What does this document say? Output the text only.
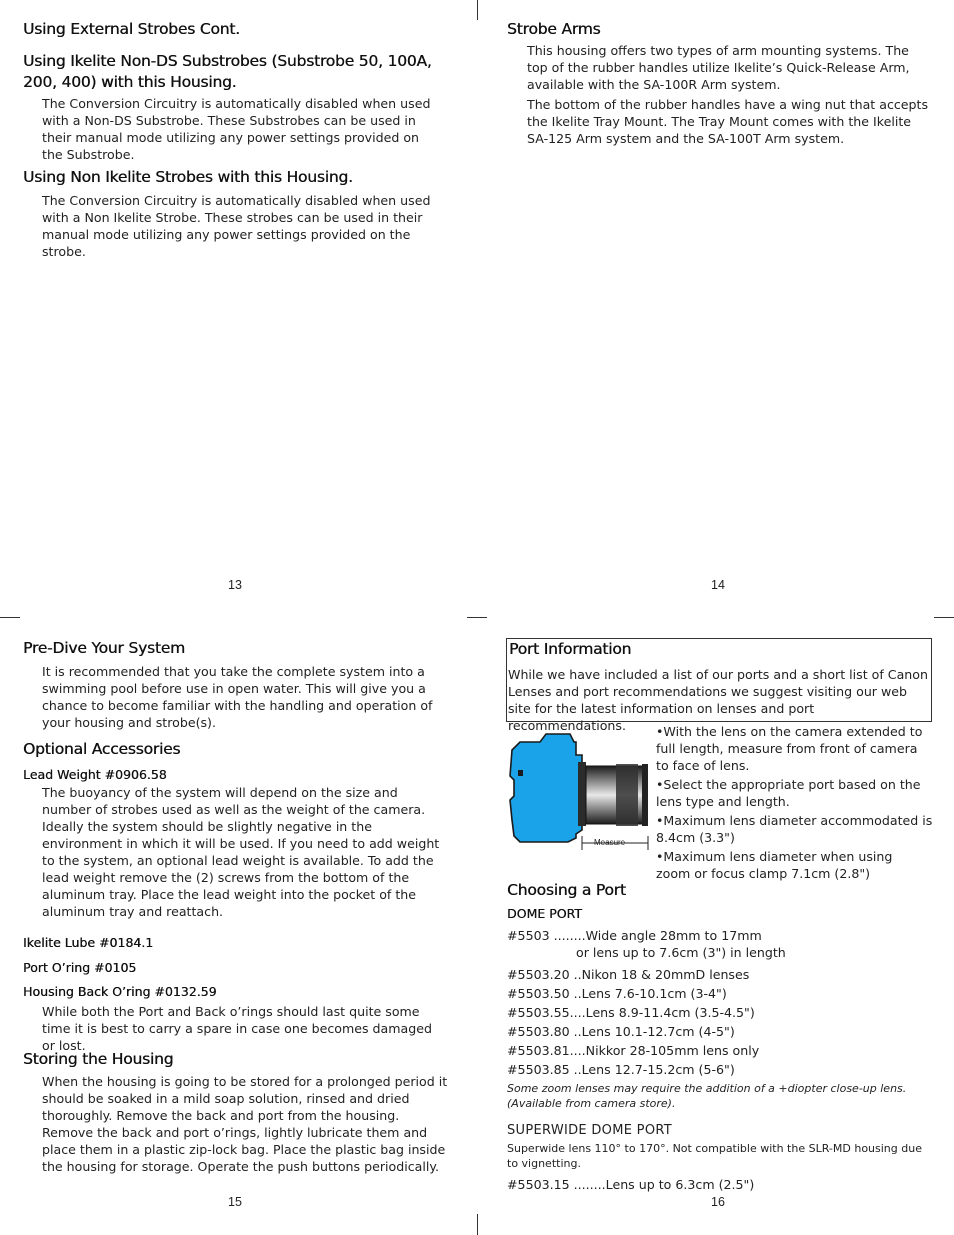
Using External Strobes Cont.
Using Ikelite Non-DS Substrobes (Substrobe 50, 100A, 200, 400) with this Housing.

The Conversion Circuitry is automatically disabled when used with a Non-DS Substrobe. These Substrobes can be used in their manual mode utilizing any power settings provided on the Substrobe.

Using Non Ikelite Strobes with this Housing.

The Conversion Circuitry is automatically disabled when used with a Non Ikelite Strobe. These strobes can be used in their manual mode utilizing any power settings provided on the strobe.

13
Strobe Arms

This housing offers two types of arm mounting systems. The top of the rubber handles utilize Ikelite’s Quick-Release Arm, available with the SA-100R Arm system.

The bottom of the rubber handles have a wing nut that accepts the Ikelite Tray Mount. The Tray Mount comes with the Ikelite SA-125 Arm system and the SA-100T Arm system.

14
Pre-Dive Your System

It is recommended that you take the complete system into a swimming pool before use in open water. This will give you a chance to become familiar with the handling and operation of your housing and strobe(s).

Optional Accessories
Lead Weight #0906.58

The buoyancy of the system will depend on the size and number of strobes used as well as the weight of the camera. Ideally the system should be slightly negative in the environment in which it will be used. If you need to add weight to the system, an optional lead weight is available. To add the lead weight remove the (2) screws from the bottom of the aluminum tray. Place the lead weight into the pocket of the aluminum tray and reattach.

Ikelite Lube #0184.1
Port O’ring #0105
Housing Back O’ring #0132.59

While both the Port and Back o’rings should last quite some time it is best to carry a spare in case one becomes damaged or lost.

Storing the Housing

When the housing is going to be stored for a prolonged period it should be soaked in a mild soap solution, rinsed and dried thoroughly. Remove the back and port from the housing. Remove the back and port o’rings, lightly lubricate them and place them in a plastic zip-lock bag. Place the plastic bag inside the housing for storage. Operate the push buttons periodically.

15
Port Information

While we have included a list of our ports and a short list of Canon Lenses and port recommendations we suggest visiting our web site for the latest information on lenses and port recommendations.

Measure
•With the lens on the camera extended to full length, measure from front of camera to face of lens.
•Select the appropriate port based on the lens type and length.
•Maximum lens diameter accommodated is 8.4cm (3.3")
•Maximum lens diameter when using zoom or focus clamp 7.1cm (2.8")
Choosing a Port
DOME PORT
#5503 ........Wide angle 28mm to 17mm
or lens up to 7.6cm (3") in length
#5503.20 ..Nikon 18 & 20mmD lenses
#5503.50 ..Lens 7.6-10.1cm (3-4")
#5503.55....Lens 8.9-11.4cm (3.5-4.5")
#5503.80 ..Lens 10.1-12.7cm (4-5")
#5503.81....Nikkor 28-105mm lens only
#5503.85 ..Lens 12.7-15.2cm (5-6")
Some zoom lenses may require the addition of a +diopter close-up lens. (Available from camera store).
SUPERWIDE DOME PORT
Superwide lens 110° to 170°. Not compatible with the SLR-MD housing due to vignetting.
#5503.15 ........Lens up to 6.3cm (2.5")
16
